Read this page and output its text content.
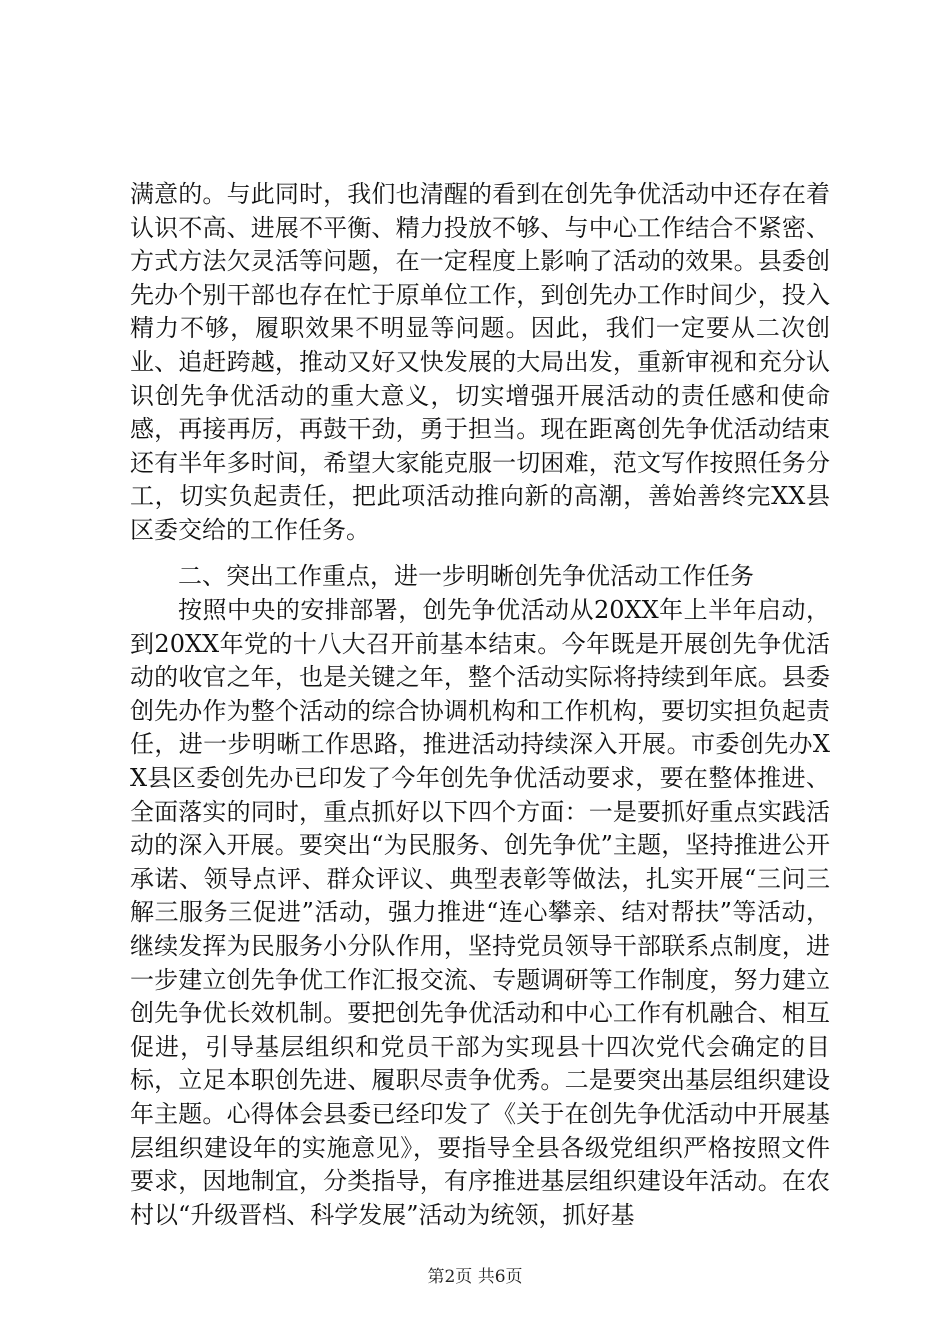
满意的。与此同时，我们也清醒的看到在创先争优活动中还存在着认识不高、进展不平衡、精力投放不够、与中心工作结合不紧密、方式方法欠灵活等问题，在一定程度上影响了活动的效果。县委创先办个别干部也存在忙于原单位工作，到创先办工作时间少，投入精力不够，履职效果不明显等问题。因此，我们一定要从二次创业、追赶跨越，推动又好又快发展的大局出发，重新审视和充分认识创先争优活动的重大意义，切实增强开展活动的责任感和使命感，再接再厉，再鼓干劲，勇于担当。现在距离创先争优活动结束还有半年多时间，希望大家能克服一切困难，范文写作按照任务分工，切实负起责任，把此项活动推向新的高潮，善始善终完XX县区委交给的工作任务。

二、突出工作重点，进一步明晰创先争优活动工作任务

按照中央的安排部署，创先争优活动从20XX年上半年启动，到20XX年党的十八大召开前基本结束。今年既是开展创先争优活动的收官之年，也是关键之年，整个活动实际将持续到年底。县委创先办作为整个活动的综合协调机构和工作机构，要切实担负起责任，进一步明晰工作思路，推进活动持续深入开展。市委创先办XX县区委创先办已印发了今年创先争优活动要求，要在整体推进、全面落实的同时，重点抓好以下四个方面：一是要抓好重点实践活动的深入开展。要突出“为民服务、创先争优”主题，坚持推进公开承诺、领导点评、群众评议、典型表彰等做法，扎实开展“三问三解三服务三促进”活动，强力推进“连心攀亲、结对帮扶”等活动，继续发挥为民服务小分队作用，坚持党员领导干部联系点制度，进一步建立创先争优工作汇报交流、专题调研等工作制度，努力建立创先争优长效机制。要把创先争优活动和中心工作有机融合、相互促进，引导基层组织和党员干部为实现县十四次党代会确定的目标，立足本职创先进、履职尽责争优秀。二是要突出基层组织建设年主题。心得体会县委已经印发了《关于在创先争优活动中开展基层组织建设年的实施意见》，要指导全县各级党组织严格按照文件要求，因地制宜，分类指导，有序推进基层组织建设年活动。在农村以“升级晋档、科学发展”活动为统领，抓好基

第2页 共6页
